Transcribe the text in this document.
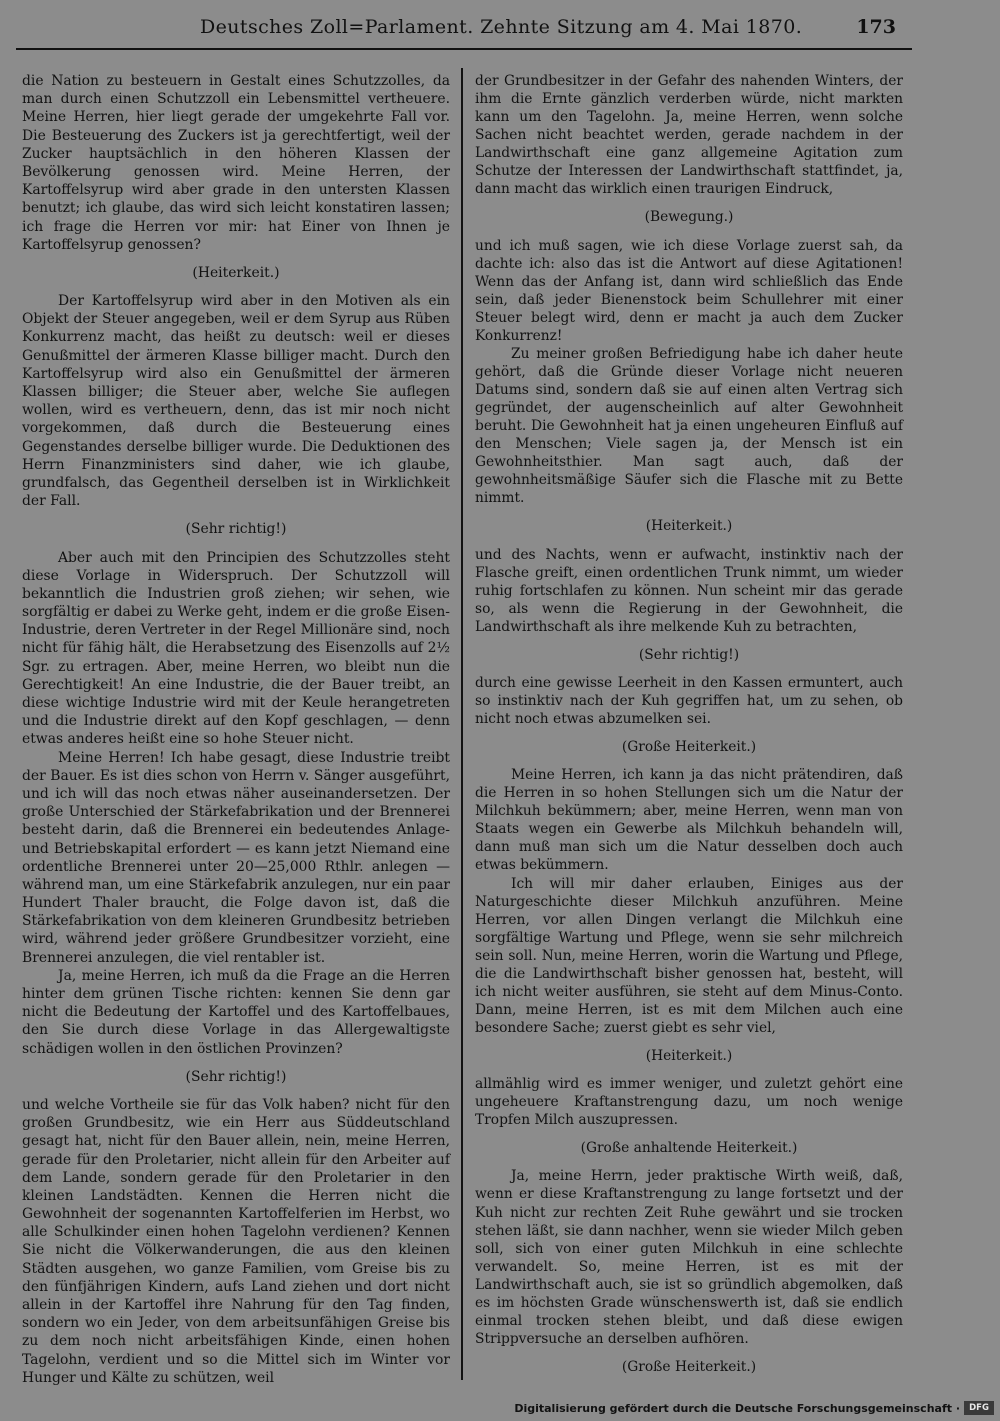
Deutsches Zoll=Parlament. Zehnte Sitzung am 4. Mai 1870.	173

die Nation zu besteuern in Gestalt eines Schutzzolles, da man durch einen Schutzzoll ein Lebensmittel vertheuere. Meine Herren, hier liegt gerade der umgekehrte Fall vor. Die Besteuerung des Zuckers ist ja gerechtfertigt, weil der Zucker hauptsächlich in den höheren Klassen der Bevölkerung genossen wird. Meine Herren, der Kartoffelsyrup wird aber grade in den untersten Klassen benutzt; ich glaube, das wird sich leicht konstatiren lassen; ich frage die Herren vor mir: hat Einer von Ihnen je Kartoffelsyrup genossen?

(Heiterkeit.)

Der Kartoffelsyrup wird aber in den Motiven als ein Objekt der Steuer angegeben, weil er dem Syrup aus Rüben Konkurrenz macht, das heißt zu deutsch: weil er dieses Genußmittel der ärmeren Klasse billiger macht. Durch den Kartoffelsyrup wird also ein Genußmittel der ärmeren Klassen billiger; die Steuer aber, welche Sie auflegen wollen, wird es vertheuern, denn, das ist mir noch nicht vorgekommen, daß durch die Besteuerung eines Gegenstandes derselbe billiger wurde. Die Deduktionen des Herrn Finanzministers sind daher, wie ich glaube, grundfalsch, das Gegentheil derselben ist in Wirklichkeit der Fall.

(Sehr richtig!)

Aber auch mit den Principien des Schutzzolles steht diese Vorlage in Widerspruch. Der Schutzzoll will bekanntlich die Industrien groß ziehen; wir sehen, wie sorgfältig er dabei zu Werke geht, indem er die große Eisen-Industrie, deren Vertreter in der Regel Millionäre sind, noch nicht für fähig hält, die Herabsetzung des Eisenzolls auf 2½ Sgr. zu ertragen. Aber, meine Herren, wo bleibt nun die Gerechtigkeit! An eine Industrie, die der Bauer treibt, an diese wichtige Industrie wird mit der Keule herangetreten und die Industrie direkt auf den Kopf geschlagen, — denn etwas anderes heißt eine so hohe Steuer nicht.

Meine Herren! Ich habe gesagt, diese Industrie treibt der Bauer. Es ist dies schon von Herrn v. Sänger ausgeführt, und ich will das noch etwas näher auseinandersetzen. Der große Unterschied der Stärkefabrikation und der Brennerei besteht darin, daß die Brennerei ein bedeutendes Anlage- und Betriebskapital erfordert — es kann jetzt Niemand eine ordentliche Brennerei unter 20—25,000 Rthlr. anlegen — während man, um eine Stärkefabrik anzulegen, nur ein paar Hundert Thaler braucht, die Folge davon ist, daß die Stärkefabrikation von dem kleineren Grundbesitz betrieben wird, während jeder größere Grundbesitzer vorzieht, eine Brennerei anzulegen, die viel rentabler ist.

Ja, meine Herren, ich muß da die Frage an die Herren hinter dem grünen Tische richten: kennen Sie denn gar nicht die Bedeutung der Kartoffel und des Kartoffelbaues, den Sie durch diese Vorlage in das Allergewaltigste schädigen wollen in den östlichen Provinzen?

(Sehr richtig!)

und welche Vortheile sie für das Volk haben? nicht für den großen Grundbesitz, wie ein Herr aus Süddeutschland gesagt hat, nicht für den Bauer allein, nein, meine Herren, gerade für den Proletarier, nicht allein für den Arbeiter auf dem Lande, sondern gerade für den Proletarier in den kleinen Landstädten. Kennen die Herren nicht die Gewohnheit der sogenannten Kartoffelferien im Herbst, wo alle Schulkinder einen hohen Tagelohn verdienen? Kennen Sie nicht die Völkerwanderungen, die aus den kleinen Städten ausgehen, wo ganze Familien, vom Greise bis zu den fünfjährigen Kindern, aufs Land ziehen und dort nicht allein in der Kartoffel ihre Nahrung für den Tag finden, sondern wo ein Jeder, von dem arbeitsunfähigen Greise bis zu dem noch nicht arbeitsfähigen Kinde, einen hohen Tagelohn, verdient und so die Mittel sich im Winter vor Hunger und Kälte zu schützen, weil

der Grundbesitzer in der Gefahr des nahenden Winters, der ihm die Ernte gänzlich verderben würde, nicht markten kann um den Tagelohn. Ja, meine Herren, wenn solche Sachen nicht beachtet werden, gerade nachdem in der Landwirthschaft eine ganz allgemeine Agitation zum Schutze der Interessen der Landwirthschaft stattfindet, ja, dann macht das wirklich einen traurigen Eindruck,

(Bewegung.)

und ich muß sagen, wie ich diese Vorlage zuerst sah, da dachte ich: also das ist die Antwort auf diese Agitationen! Wenn das der Anfang ist, dann wird schließlich das Ende sein, daß jeder Bienenstock beim Schullehrer mit einer Steuer belegt wird, denn er macht ja auch dem Zucker Konkurrenz!

Zu meiner großen Befriedigung habe ich daher heute gehört, daß die Gründe dieser Vorlage nicht neueren Datums sind, sondern daß sie auf einen alten Vertrag sich gegründet, der augenscheinlich auf alter Gewohnheit beruht. Die Gewohnheit hat ja einen ungeheuren Einfluß auf den Menschen; Viele sagen ja, der Mensch ist ein Gewohnheitsthier. Man sagt auch, daß der gewohnheitsmäßige Säufer sich die Flasche mit zu Bette nimmt.

(Heiterkeit.)

und des Nachts, wenn er aufwacht, instinktiv nach der Flasche greift, einen ordentlichen Trunk nimmt, um wieder ruhig fortschlafen zu können. Nun scheint mir das gerade so, als wenn die Regierung in der Gewohnheit, die Landwirthschaft als ihre melkende Kuh zu betrachten,

(Sehr richtig!)

durch eine gewisse Leerheit in den Kassen ermuntert, auch so instinktiv nach der Kuh gegriffen hat, um zu sehen, ob nicht noch etwas abzumelken sei.

(Große Heiterkeit.)

Meine Herren, ich kann ja das nicht prätendiren, daß die Herren in so hohen Stellungen sich um die Natur der Milchkuh bekümmern; aber, meine Herren, wenn man von Staats wegen ein Gewerbe als Milchkuh behandeln will, dann muß man sich um die Natur desselben doch auch etwas bekümmern.

Ich will mir daher erlauben, Einiges aus der Naturgeschichte dieser Milchkuh anzuführen. Meine Herren, vor allen Dingen verlangt die Milchkuh eine sorgfältige Wartung und Pflege, wenn sie sehr milchreich sein soll. Nun, meine Herren, worin die Wartung und Pflege, die die Landwirthschaft bisher genossen hat, besteht, will ich nicht weiter ausführen, sie steht auf dem Minus-Conto. Dann, meine Herren, ist es mit dem Milchen auch eine besondere Sache; zuerst giebt es sehr viel,

(Heiterkeit.)

allmählig wird es immer weniger, und zuletzt gehört eine ungeheuere Kraftanstrengung dazu, um noch wenige Tropfen Milch auszupressen.

(Große anhaltende Heiterkeit.)

Ja, meine Herrn, jeder praktische Wirth weiß, daß, wenn er diese Kraftanstrengung zu lange fortsetzt und der Kuh nicht zur rechten Zeit Ruhe gewährt und sie trocken stehen läßt, sie dann nachher, wenn sie wieder Milch geben soll, sich von einer guten Milchkuh in eine schlechte verwandelt. So, meine Herren, ist es mit der Landwirthschaft auch, sie ist so gründlich abgemolken, daß es im höchsten Grade wünschenswerth ist, daß sie endlich einmal trocken stehen bleibt, und daß diese ewigen Strippversuche an derselben aufhören.

(Große Heiterkeit.)

Digitalisierung gefördert durch die Deutsche Forschungsgemeinschaft ·	DFG
